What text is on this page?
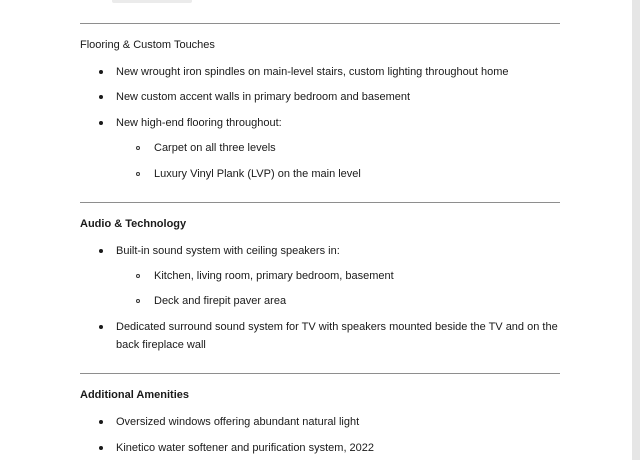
Flooring & Custom Touches
New wrought iron spindles on main-level stairs, custom lighting throughout home
New custom accent walls in primary bedroom and basement
New high-end flooring throughout:
Carpet on all three levels
Luxury Vinyl Plank (LVP) on the main level
Audio & Technology
Built-in sound system with ceiling speakers in:
Kitchen, living room, primary bedroom, basement
Deck and firepit paver area
Dedicated surround sound system for TV with speakers mounted beside the TV and on the back fireplace wall
Additional Amenities
Oversized windows offering abundant natural light
Kinetico water softener and purification system, 2022
